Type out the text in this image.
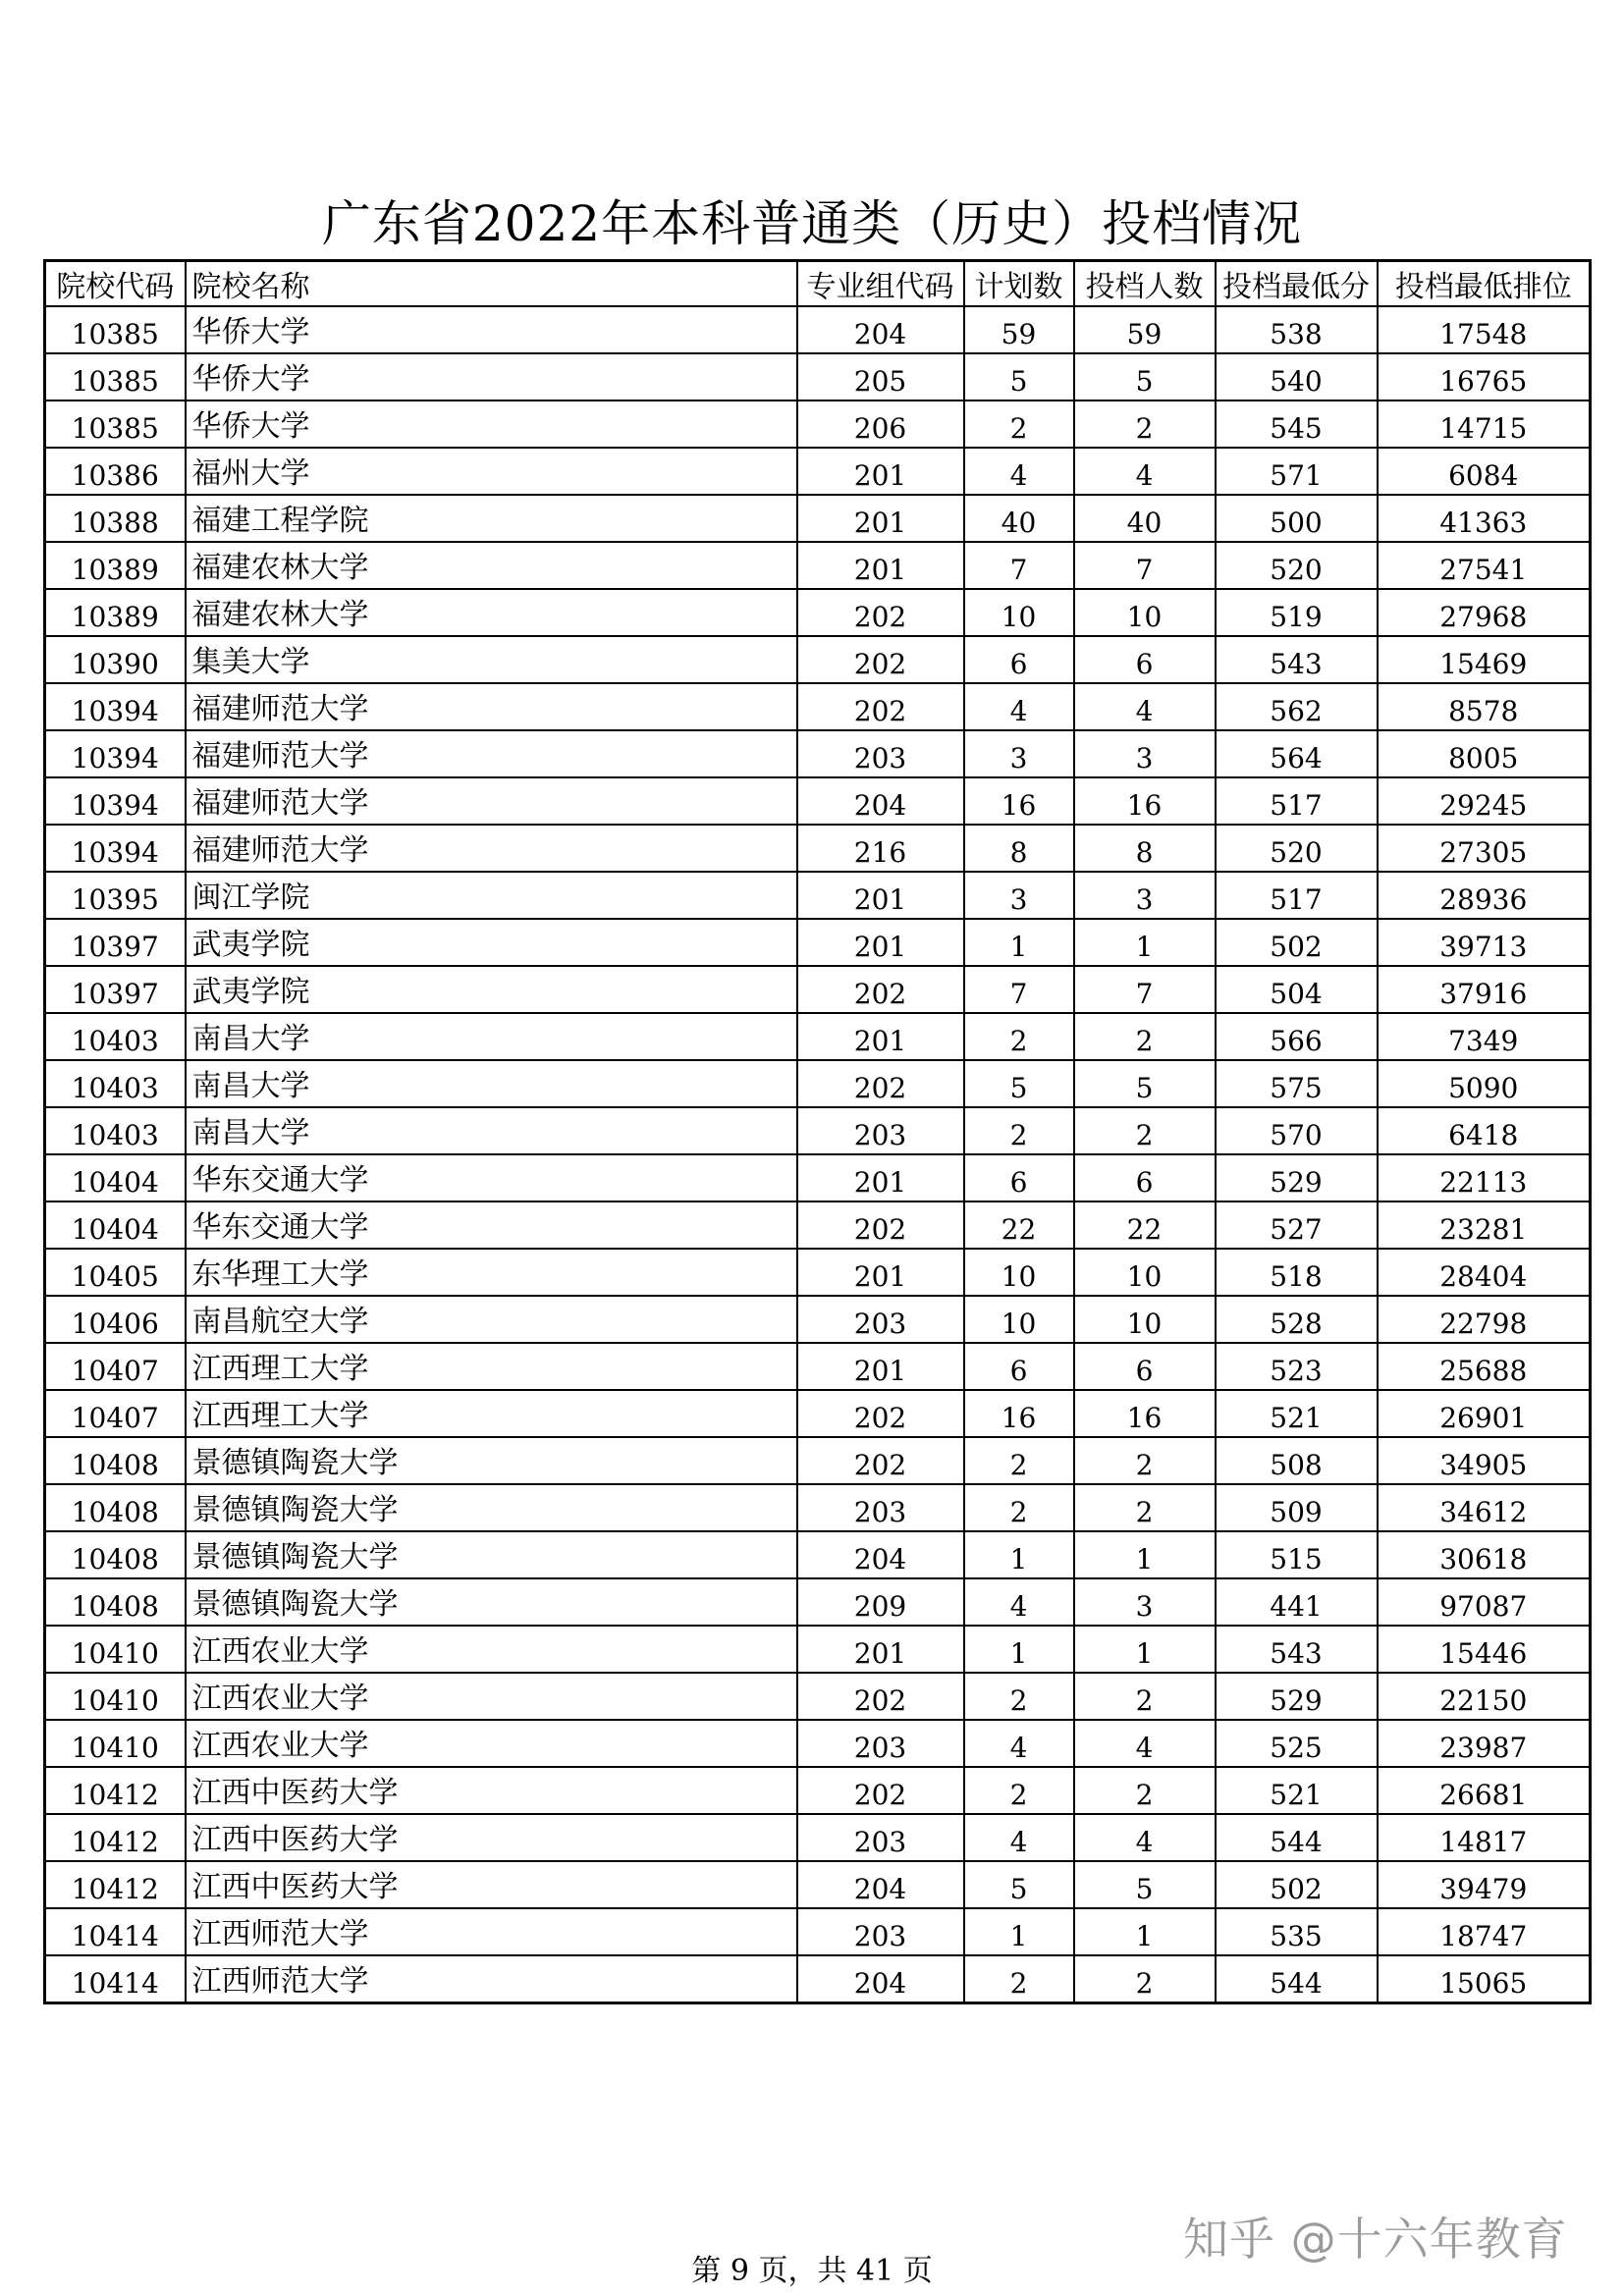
广东省2022年本科普通类（历史）投档情况
院校代码	院校名称	专业组代码	计划数	投档人数	投档最低分	投档最低排位
10385	华侨大学	204	59	59	538	17548
10385	华侨大学	205	5	5	540	16765
10385	华侨大学	206	2	2	545	14715
10386	福州大学	201	4	4	571	6084
10388	福建工程学院	201	40	40	500	41363
10389	福建农林大学	201	7	7	520	27541
10389	福建农林大学	202	10	10	519	27968
10390	集美大学	202	6	6	543	15469
10394	福建师范大学	202	4	4	562	8578
10394	福建师范大学	203	3	3	564	8005
10394	福建师范大学	204	16	16	517	29245
10394	福建师范大学	216	8	8	520	27305
10395	闽江学院	201	3	3	517	28936
10397	武夷学院	201	1	1	502	39713
10397	武夷学院	202	7	7	504	37916
10403	南昌大学	201	2	2	566	7349
10403	南昌大学	202	5	5	575	5090
10403	南昌大学	203	2	2	570	6418
10404	华东交通大学	201	6	6	529	22113
10404	华东交通大学	202	22	22	527	23281
10405	东华理工大学	201	10	10	518	28404
10406	南昌航空大学	203	10	10	528	22798
10407	江西理工大学	201	6	6	523	25688
10407	江西理工大学	202	16	16	521	26901
10408	景德镇陶瓷大学	202	2	2	508	34905
10408	景德镇陶瓷大学	203	2	2	509	34612
10408	景德镇陶瓷大学	204	1	1	515	30618
10408	景德镇陶瓷大学	209	4	3	441	97087
10410	江西农业大学	201	1	1	543	15446
10410	江西农业大学	202	2	2	529	22150
10410	江西农业大学	203	4	4	525	23987
10412	江西中医药大学	202	2	2	521	26681
10412	江西中医药大学	203	4	4	544	14817
10412	江西中医药大学	204	5	5	502	39479
10414	江西师范大学	203	1	1	535	18747
10414	江西师范大学	204	2	2	544	15065
知乎 @十六年教育
第 9 页，共 41 页
